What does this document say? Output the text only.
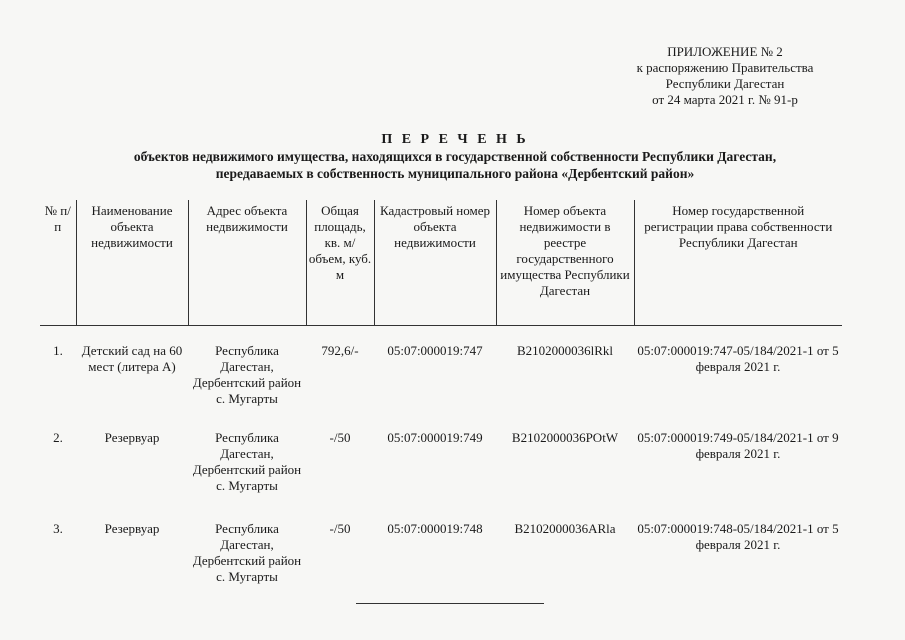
ПРИЛОЖЕНИЕ № 2
к распоряжению Правительства
Республики Дагестан
от 24 марта 2021 г. № 91-р
П Е Р Е Ч Е Н Ь
объектов недвижимого имущества, находящихся в государственной собственности Республики Дагестан,
передаваемых в собственность муниципального района «Дербентский район»
№ п/п	Наименование объекта недвижимости	Адрес объекта недвижимости	Общая площадь, кв. м/ объем, куб. м	Кадастровый номер объекта недвижимости	Номер объекта недвижимости в реестре государственного имущества Республики Дагестан	Номер государственной регистрации права собственности Республики Дагестан
1.	Детский сад на 60 мест (литера А)	Республика Дагестан, Дербентский район с. Мугарты	792,6/-	05:07:000019:747	B2102000036lRkl	05:07:000019:747-05/184/2021-1 от 5 февраля 2021 г.
2.	Резервуар	Республика Дагестан, Дербентский район с. Мугарты	-/50	05:07:000019:749	B2102000036POtW	05:07:000019:749-05/184/2021-1 от 9 февраля 2021 г.
3.	Резервуар	Республика Дагестан, Дербентский район с. Мугарты	-/50	05:07:000019:748	B2102000036ARla	05:07:000019:748-05/184/2021-1 от 5 февраля 2021 г.
